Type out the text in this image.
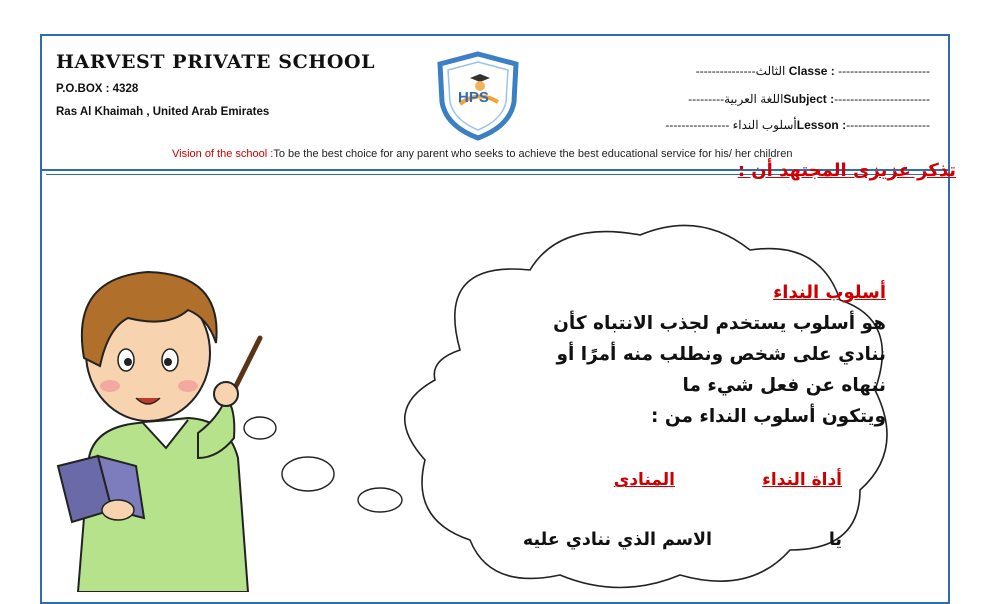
HARVEST PRIVATE SCHOOL
P.O.BOX : 4328
Ras Al Khaimah , United Arab Emirates
HPS
---------------الثالث Classe : -----------------------
---------اللغة العربيةSubject :------------------------
---------------- أسلوب النداءLesson :---------------------
Vision of the school :To be the best choice for any parent who seeks to achieve the best educational service for his/ her children
تذكر عزيزى المجتهد أن :
أسلوب النداء
هو أسلوب يستخدم لجذب الانتباه كأن
ننادي على شخص ونطلب منه أمرًا أو
ننهاه عن فعل شيء ما
ويتكون أسلوب النداء من :
أداة النداء
المنادى
يا
الاسم الذي ننادي عليه
